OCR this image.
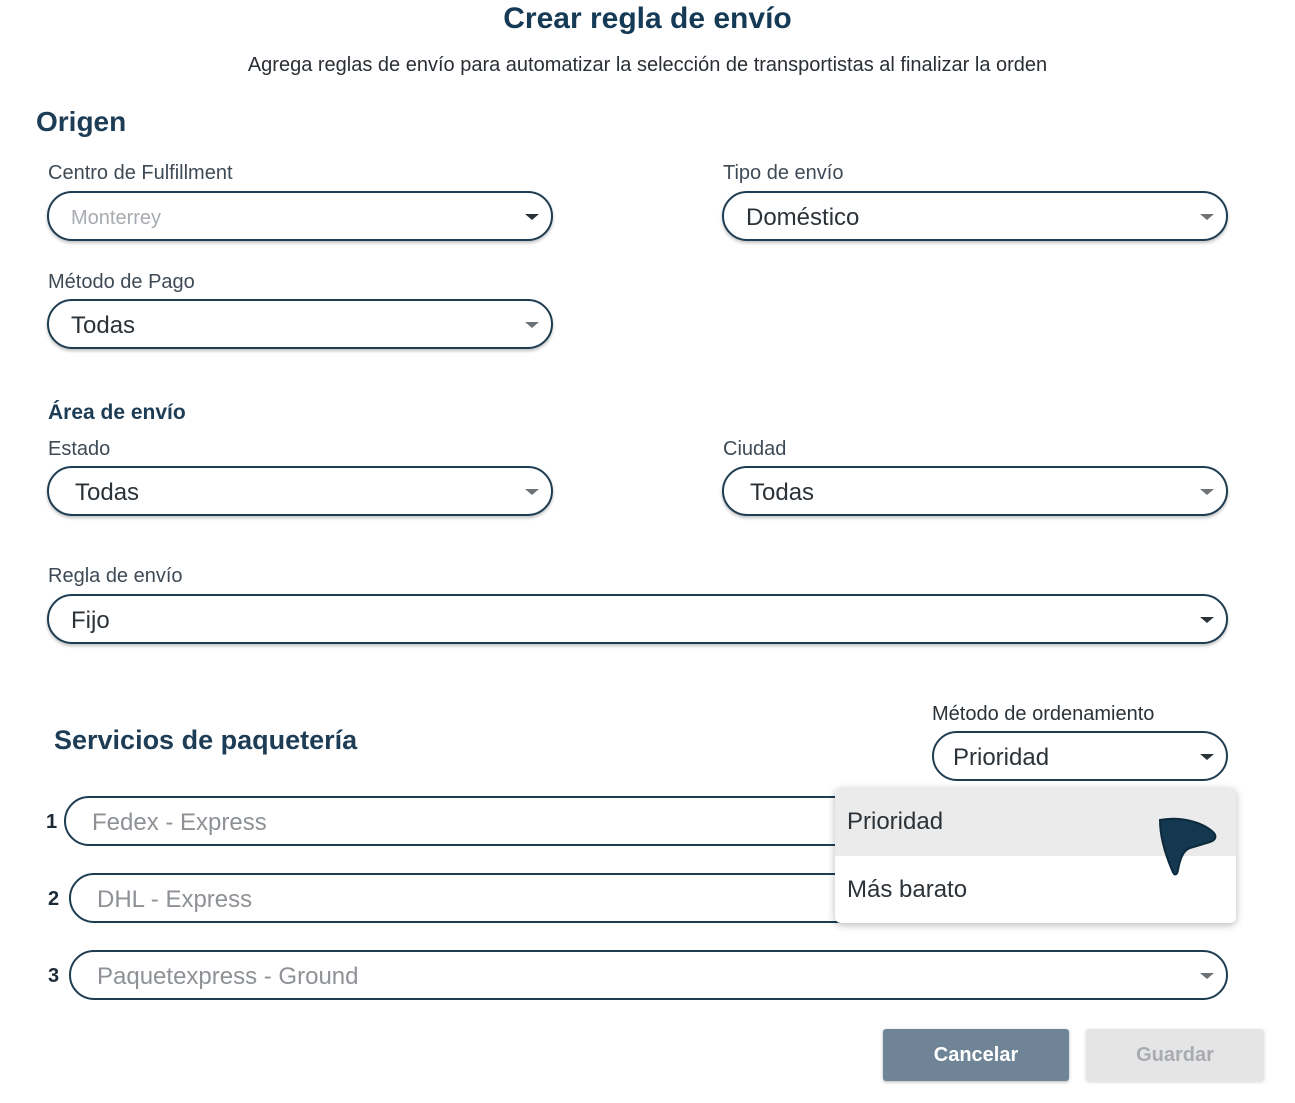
Crear regla de envío
Agrega reglas de envío para automatizar la selección de transportistas al finalizar la orden
Origen
Centro de Fulfillment
Monterrey
Tipo de envío
Doméstico
Método de Pago
Todas
Área de envío
Estado
Todas
Ciudad
Todas
Regla de envío
Fijo
Servicios de paquetería
Método de ordenamiento
Prioridad
1 Fedex - Express
2 DHL - Express
3 Paquetexpress - Ground
Prioridad
Más barato
Cancelar	Guardar
